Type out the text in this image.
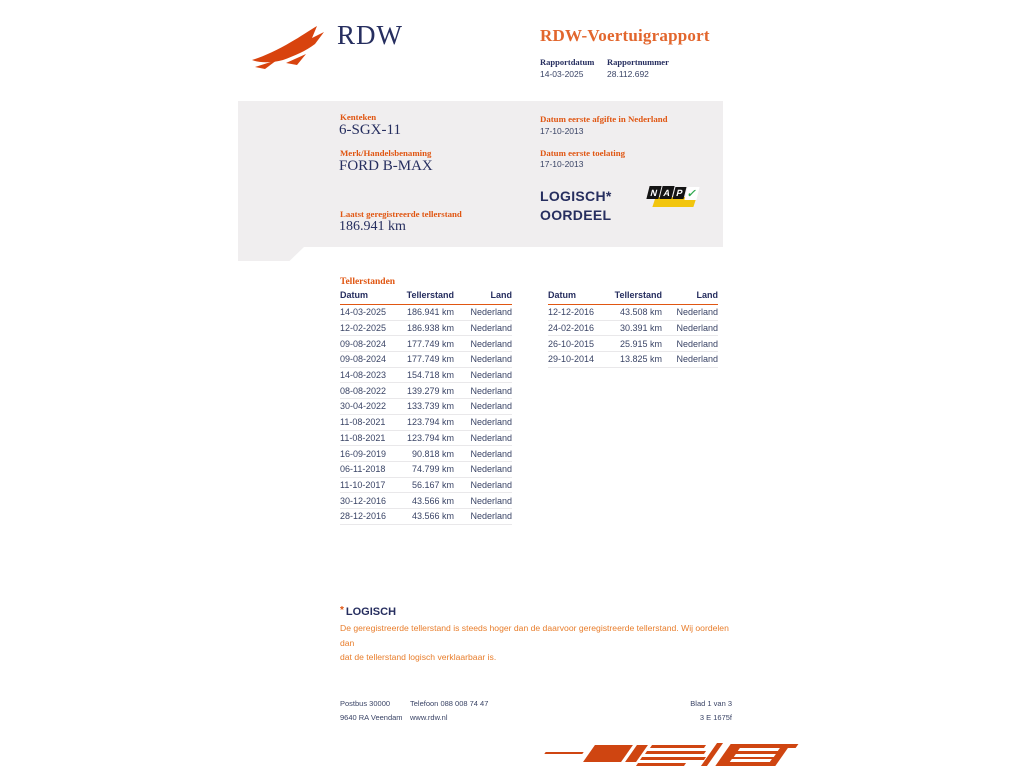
RDW	RDW-Voertuigrapport
Rapportdatum Rapportnummer
14-03-2025	28.112.692
Kenteken
6-SGX-11
Merk/Handelsbenaming
FORD B-MAX
Laatst geregistreerde tellerstand
186.941 km
Datum eerste afgifte in Nederland
17-10-2013
Datum eerste toelating
17-10-2013
LOGISCH*
OORDEEL
N A P ✓
Tellerstanden
Datum	Tellerstand	Land
14-03-2025	186.941 km	Nederland
12-02-2025	186.938 km	Nederland
09-08-2024	177.749 km	Nederland
09-08-2024	177.749 km	Nederland
14-08-2023	154.718 km	Nederland
08-08-2022	139.279 km	Nederland
30-04-2022	133.739 km	Nederland
11-08-2021	123.794 km	Nederland
11-08-2021	123.794 km	Nederland
16-09-2019	90.818 km	Nederland
06-11-2018	74.799 km	Nederland
11-10-2017	56.167 km	Nederland
30-12-2016	43.566 km	Nederland
28-12-2016	43.566 km	Nederland
Datum	Tellerstand	Land
12-12-2016	43.508 km	Nederland
24-02-2016	30.391 km	Nederland
26-10-2015	25.915 km	Nederland
29-10-2014	13.825 km	Nederland
* LOGISCH
De geregistreerde tellerstand is steeds hoger dan de daarvoor geregistreerde tellerstand. Wij oordelen dan
dat de tellerstand logisch verklaarbaar is.
Postbus 30000
9640 RA Veendam
Telefoon 088 008 74 47
www.rdw.nl
Blad 1 van 3
3 E 1675f
